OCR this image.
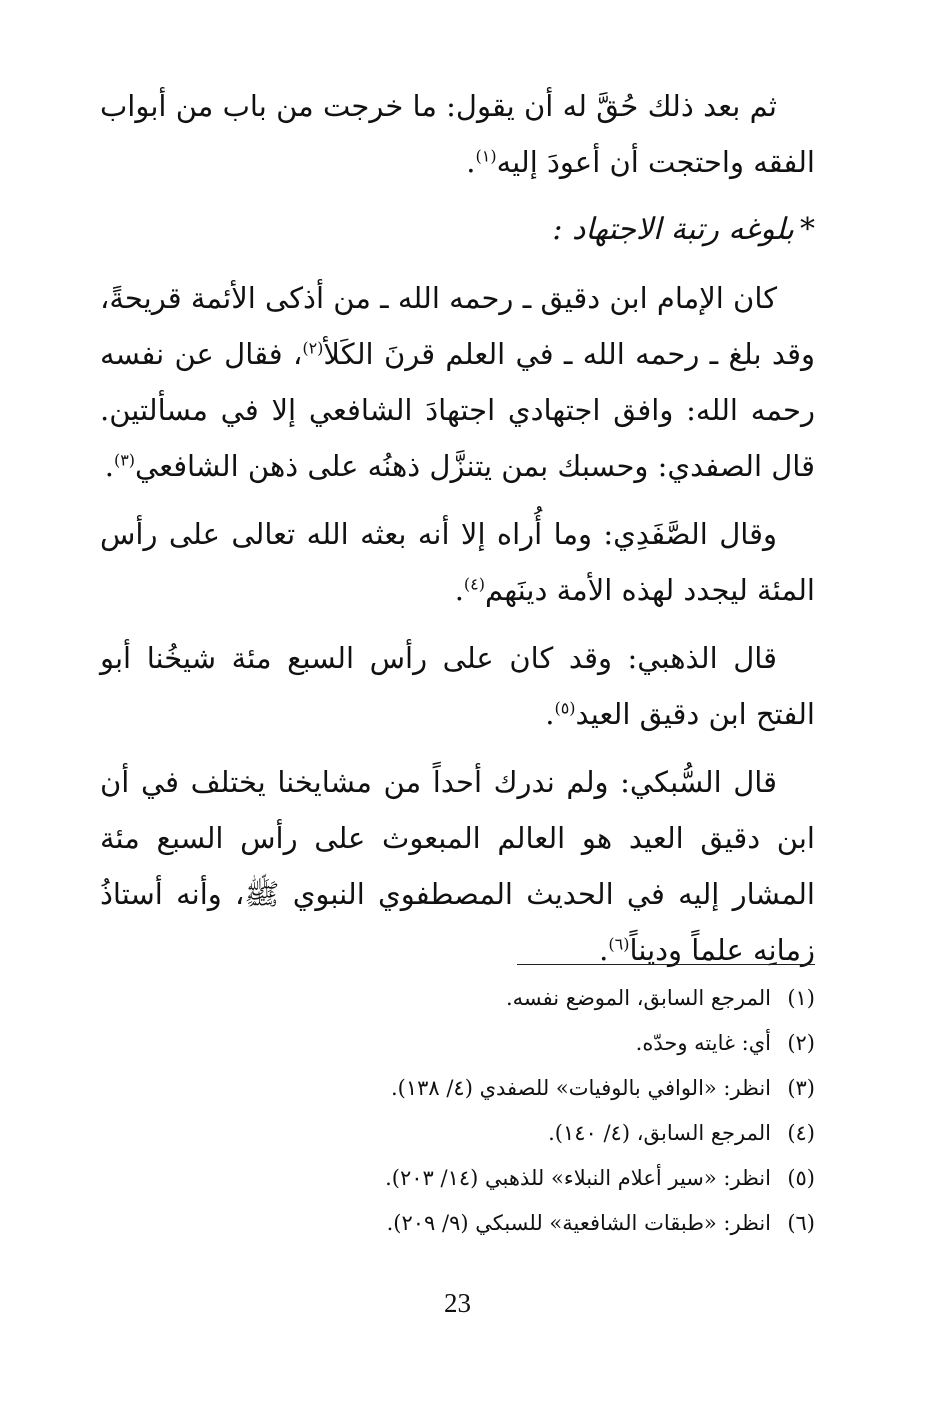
ثم بعد ذلك حُقَّ له أن يقول: ما خرجت من باب من أبواب الفقه واحتجت أن أعودَ إليه$^{(١)}$.

*بلوغه رتبة الاجتهاد :

كان الإمام ابن دقيق ـ رحمه الله ـ من أذكى الأئمة قريحةً، وقد بلغ ـ رحمه الله ـ في العلم قرنَ الكَلأ$^{(٢)}$، فقال عن نفسه رحمه الله: وافق اجتهادي اجتهادَ الشافعي إلا في مسألتين. قال الصفدي: وحسبك بمن يتنزَّل ذهنُه على ذهن الشافعي$^{(٣)}$.

وقال الصَّفَدِي: وما أُراه إلا أنه بعثه الله تعالى على رأس المئة ليجدد لهذه الأمة دينَهم$^{(٤)}$.

قال الذهبي: وقد كان على رأس السبع مئة شيخُنا أبو الفتح ابن دقيق العيد$^{(٥)}$.

قال السُّبكي: ولم ندرك أحداً من مشايخنا يختلف في أن ابن دقيق العيد هو العالم المبعوث على رأس السبع مئة المشار إليه في الحديث المصطفوي النبوي ﷺ، وأنه أستاذُ زمانِه علماً وديناً$^{(٦)}$.

(١)
المرجع السابق، الموضع نفسه.
(٢)
أي: غايته وحدّه.
(٣)
انظر: «الوافي بالوفيات» للصفدي (٤/ ١٣٨).
(٤)
المرجع السابق، (٤/ ١٤٠).
(٥)
انظر: «سير أعلام النبلاء» للذهبي (١٤/ ٢٠٣).
(٦)
انظر: «طبقات الشافعية» للسبكي (٩/ ٢٠٩).
23
